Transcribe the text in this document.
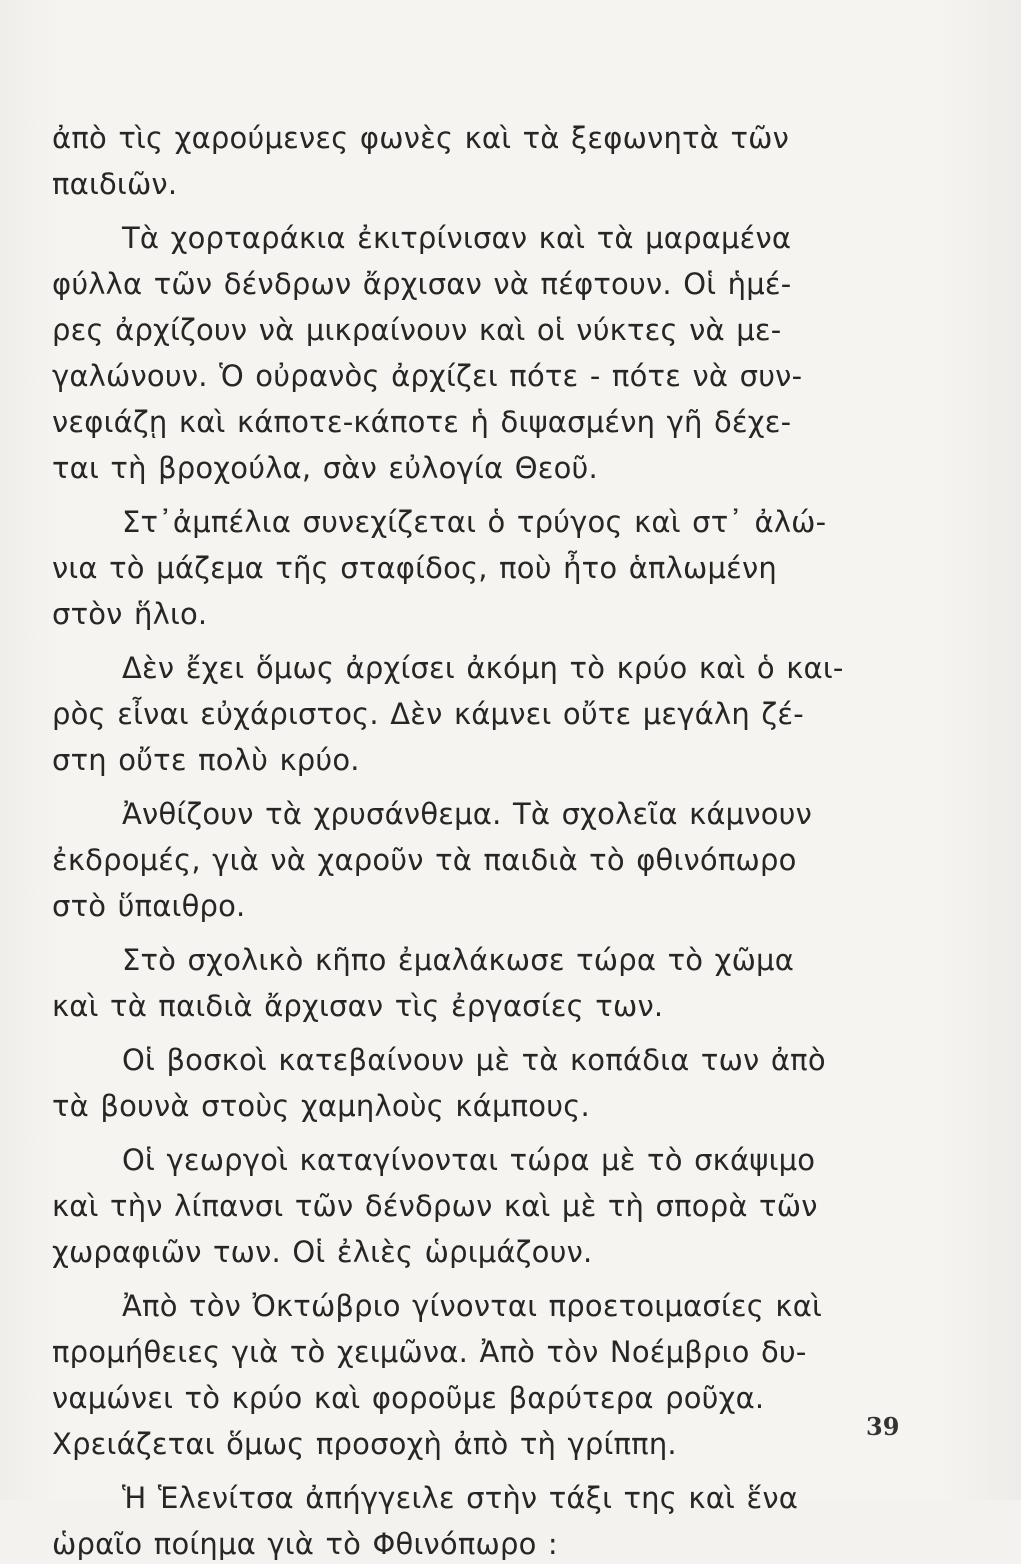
ἀπὸ τὶς χαρούμενες φωνὲς καὶ τὰ ξεφωνητὰ τῶν
παιδιῶν.
Τὰ χορταράκια ἐκιτρίνισαν καὶ τὰ μαραμένα
φύλλα τῶν δένδρων ἄρχισαν νὰ πέφτουν. Οἱ ἡμέ-
ρες ἀρχίζουν νὰ μικραίνουν καὶ οἱ νύκτες νὰ με-
γαλώνουν. Ὁ οὐρανὸς ἀρχίζει πότε - πότε νὰ συν-
νεφιάζῃ καὶ κάποτε-κάποτε ἡ διψασμένη γῆ δέχε-
ται τὴ βροχούλα, σὰν εὐλογία Θεοῦ.
Στ᾽ἀμπέλια συνεχίζεται ὁ τρύγος καὶ στ᾽ ἀλώ-
νια τὸ μάζεμα τῆς σταφίδος, ποὺ ἦτο ἁπλωμένη
στὸν ἥλιο.
Δὲν ἔχει ὅμως ἀρχίσει ἀκόμη τὸ κρύο καὶ ὁ και-
ρὸς εἶναι εὐχάριστος. Δὲν κάμνει οὔτε μεγάλη ζέ-
στη οὔτε πολὺ κρύο.
Ἀνθίζουν τὰ χρυσάνθεμα. Τὰ σχολεῖα κάμνουν
ἐκδρομές, γιὰ νὰ χαροῦν τὰ παιδιὰ τὸ φθινόπωρο
στὸ ὕπαιθρο.
Στὸ σχολικὸ κῆπο ἐμαλάκωσε τώρα τὸ χῶμα
καὶ τὰ παιδιὰ ἄρχισαν τὶς ἐργασίες των.
Οἱ βοσκοὶ κατεβαίνουν μὲ τὰ κοπάδια των ἀπὸ
τὰ βουνὰ στοὺς χαμηλοὺς κάμπους.
Οἱ γεωργοὶ καταγίνονται τώρα μὲ τὸ σκάψιμο
καὶ τὴν λίπανσι τῶν δένδρων καὶ μὲ τὴ σπορὰ τῶν
χωραφιῶν των. Οἱ ἐλιὲς ὡριμάζουν.
Ἀπὸ τὸν Ὀκτώβριο γίνονται προετοιμασίες καὶ
προμήθειες γιὰ τὸ χειμῶνα. Ἀπὸ τὸν Νοέμβριο δυ-
ναμώνει τὸ κρύο καὶ φοροῦμε βαρύτερα ροῦχα.
Χρειάζεται ὅμως προσοχὴ ἀπὸ τὴ γρίππη.
Ἡ Ἑλενίτσα ἀπήγγειλε στὴν τάξι της καὶ ἕνα
ὡραῖο ποίημα γιὰ τὸ Φθινόπωρο :
39
